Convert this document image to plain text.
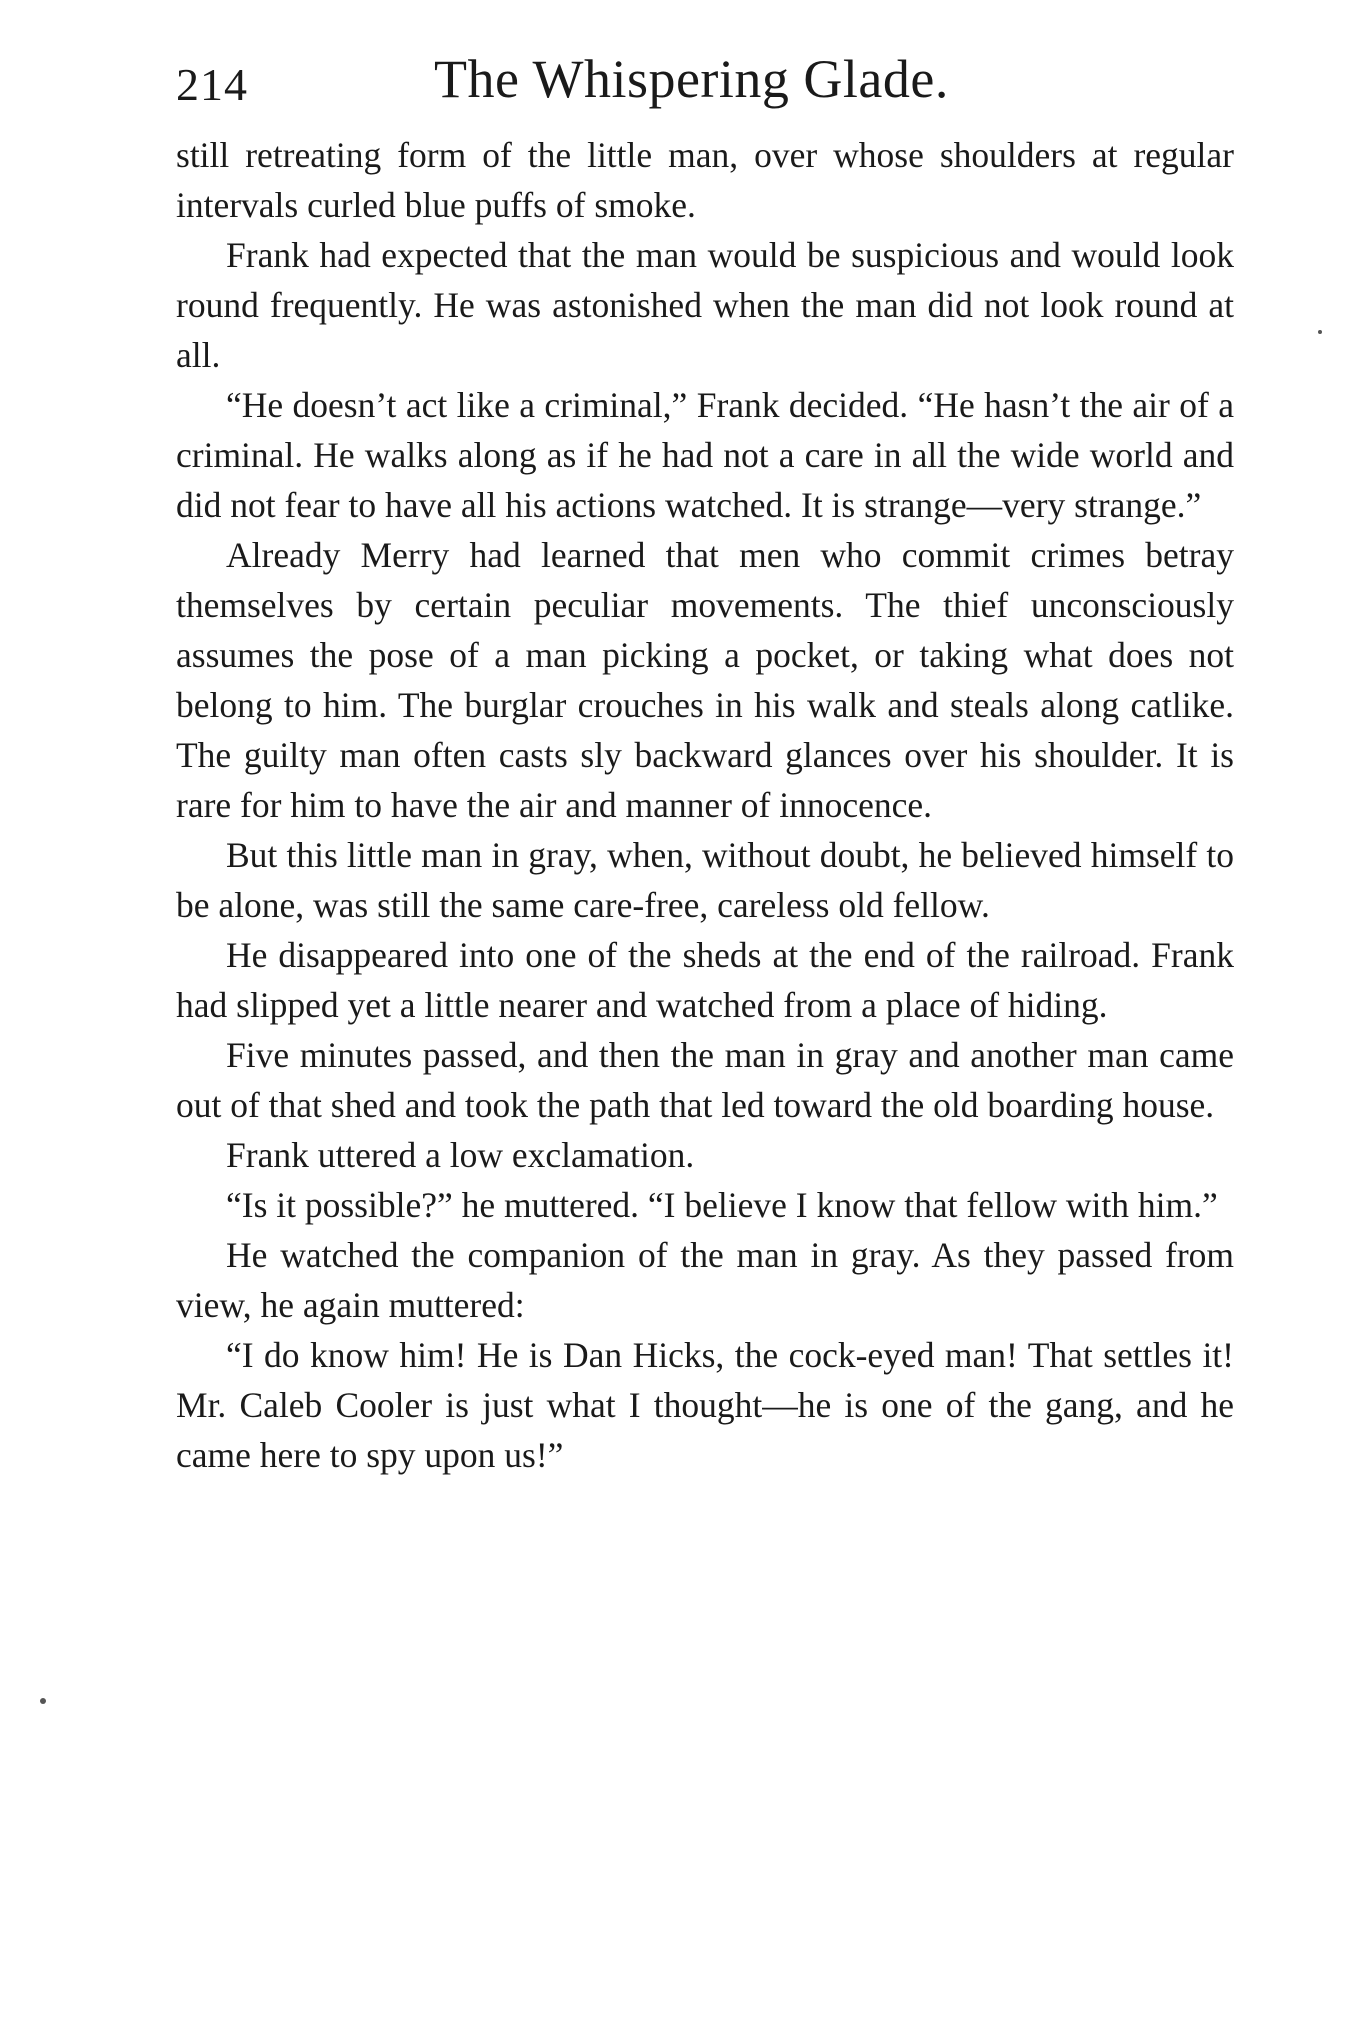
214	The Whispering Glade.

still retreating form of the little man, over whose shoulders at regular intervals curled blue puffs of smoke.

Frank had expected that the man would be suspicious and would look round frequently. He was astonished when the man did not look round at all.

“He doesn’t act like a criminal,” Frank decided. “He hasn’t the air of a criminal. He walks along as if he had not a care in all the wide world and did not fear to have all his actions watched. It is strange—very strange.”

Already Merry had learned that men who commit crimes betray themselves by certain peculiar movements. The thief unconsciously assumes the pose of a man picking a pocket, or taking what does not belong to him. The burglar crouches in his walk and steals along catlike. The guilty man often casts sly backward glances over his shoulder. It is rare for him to have the air and manner of innocence.

But this little man in gray, when, without doubt, he believed himself to be alone, was still the same care-free, careless old fellow.

He disappeared into one of the sheds at the end of the railroad. Frank had slipped yet a little nearer and watched from a place of hiding.

Five minutes passed, and then the man in gray and another man came out of that shed and took the path that led toward the old boarding house.

Frank uttered a low exclamation.

“Is it possible?” he muttered. “I believe I know that fellow with him.”

He watched the companion of the man in gray. As they passed from view, he again muttered:

“I do know him! He is Dan Hicks, the cock-eyed man! That settles it! Mr. Caleb Cooler is just what I thought—he is one of the gang, and he came here to spy upon us!”
